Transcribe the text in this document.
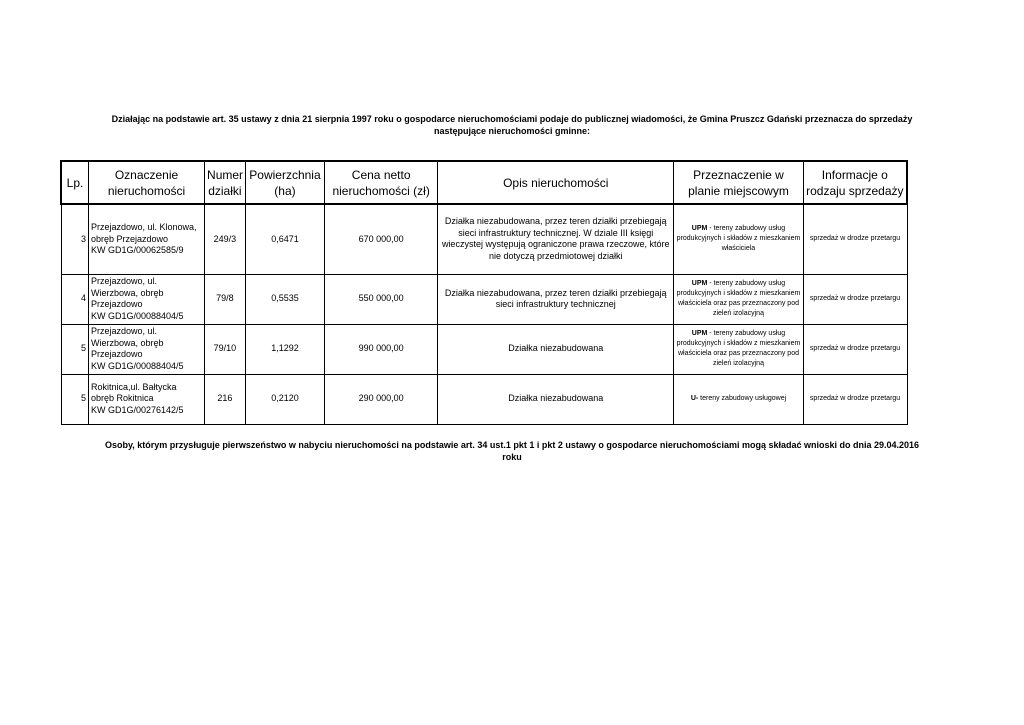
Działając na podstawie art. 35 ustawy z dnia 21 sierpnia 1997 roku o gospodarce nieruchomościami podaje do publicznej wiadomości, że Gmina Pruszcz Gdański przeznacza do sprzedaży
następujące nieruchomości gminne:
Lp.	Oznaczenie nieruchomości	Numer działki	Powierzchnia (ha)	Cena netto nieruchomości (zł)	Opis nieruchomości	Przeznaczenie w planie miejscowym	Informacje o rodzaju sprzedaży
3	Przejazdowo, ul. Klonowa,
obręb Przejazdowo
KW GD1G/00062585/9	249/3	0,6471	670 000,00	Działka niezabudowana, przez teren działki przebiegają sieci infrastruktury technicznej. W dziale III księgi wieczystej występują ograniczone prawa rzeczowe, które nie dotyczą przedmiotowej działki	UPM - tereny zabudowy usług produkcyjnych i składów z mieszkaniem właściciela	sprzedaż w drodze przetargu
4	Przejazdowo, ul.
Wierzbowa, obręb
Przejazdowo
KW GD1G/00088404/5	79/8	0,5535	550 000,00	Działka niezabudowana, przez teren działki przebiegają sieci infrastruktury technicznej	UPM - tereny zabudowy usług produkcyjnych i składów z mieszkaniem właściciela oraz pas przeznaczony pod zieleń izolacyjną	sprzedaż w drodze przetargu
5	Przejazdowo, ul.
Wierzbowa, obręb
Przejazdowo
KW GD1G/00088404/5	79/10	1,1292	990 000,00	Działka niezabudowana	UPM - tereny zabudowy usług produkcyjnych i składów z mieszkaniem właściciela oraz pas przeznaczony pod zieleń izolacyjną	sprzedaż w drodze przetargu
5	Rokitnica,ul. Bałtycka
obręb Rokitnica
KW GD1G/00276142/5	216	0,2120	290 000,00	Działka niezabudowana	U- tereny zabudowy usługowej	sprzedaż w drodze przetargu
Osoby, którym przysługuje pierwszeństwo w nabyciu nieruchomości na podstawie art. 34 ust.1 pkt 1 i pkt 2 ustawy o gospodarce nieruchomościami mogą składać wnioski do dnia 29.04.2016
roku
